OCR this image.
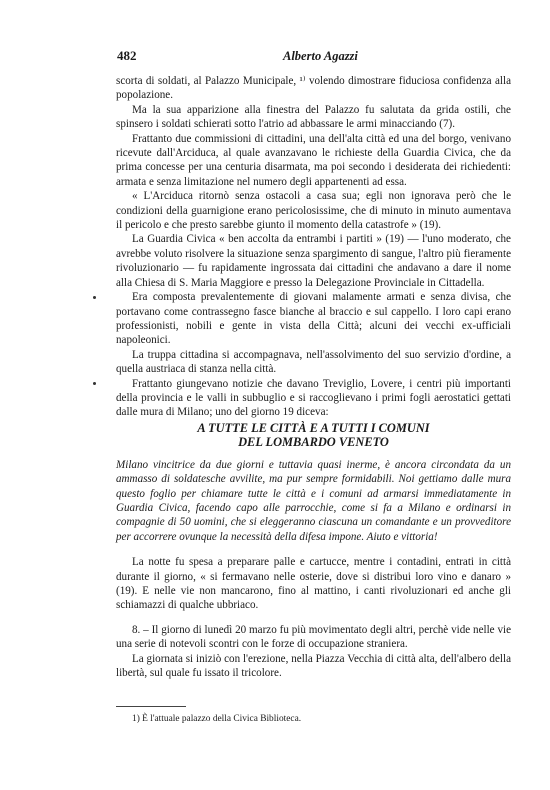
482	Alberto Agazzi

scorta di soldati, al Palazzo Municipale, ¹⁾ volendo dimostrare fiduciosa confidenza alla popolazione.

Ma la sua apparizione alla finestra del Palazzo fu salutata da grida ostili, che spinsero i soldati schierati sotto l'atrio ad abbassare le armi minacciando (7).

Frattanto due commissioni di cittadini, una dell'alta città ed una del borgo, venivano ricevute dall'Arciduca, al quale avanzavano le richieste della Guardia Civica, che da prima concesse per una centuria disarmata, ma poi secondo i desiderata dei richiedenti: armata e senza limitazione nel numero degli appartenenti ad essa.

« L'Arciduca ritornò senza ostacoli a casa sua; egli non ignorava però che le condizioni della guarnigione erano pericolosissime, che di minuto in minuto aumentava il pericolo e che presto sarebbe giunto il momento della catastrofe » (19).

La Guardia Civica « ben accolta da entrambi i partiti » (19) — l'uno moderato, che avrebbe voluto risolvere la situazione senza spargimento di sangue, l'altro più fieramente rivoluzionario — fu rapidamente ingrossata dai cittadini che andavano a dare il nome alla Chiesa di S. Maria Maggiore e presso la Delegazione Provinciale in Cittadella.

Era composta prevalentemente di giovani malamente armati e senza divisa, che portavano come contrassegno fasce bianche al braccio e sul cappello. I loro capi erano professionisti, nobili e gente in vista della Città; alcuni dei vecchi ex-ufficiali napoleonici.

La truppa cittadina si accompagnava, nell'assolvimento del suo servizio d'ordine, a quella austriaca di stanza nella città.

Frattanto giungevano notizie che davano Treviglio, Lovere, i centri più importanti della provincia e le valli in subbuglio e si raccoglievano i primi fogli aerostatici gettati dalle mura di Milano; uno del giorno 19 diceva:

A TUTTE LE CITTÀ E A TUTTI I COMUNI
DEL LOMBARDO VENETO

Milano vincitrice da due giorni e tuttavia quasi inerme, è ancora circondata da un ammasso di soldatesche avvilite, ma pur sempre formidabili. Noi gettiamo dalle mura questo foglio per chiamare tutte le città e i comuni ad armarsi immediatamente in Guardia Civica, facendo capo alle parrocchie, come si fa a Milano e ordinarsi in compagnie di 50 uomini, che si eleggeranno ciascuna un comandante e un provveditore per accorrere ovunque la necessità della difesa impone. Aiuto e vittoria!

La notte fu spesa a preparare palle e cartucce, mentre i contadini, entrati in città durante il giorno, « si fermavano nelle osterie, dove si distribui loro vino e danaro » (19). E nelle vie non mancarono, fino al mattino, i canti rivoluzionari ed anche gli schiamazzi di qualche ubbriaco.

8. – Il giorno di lunedì 20 marzo fu più movimentato degli altri, perchè vide nelle vie una serie di notevoli scontri con le forze di occupazione straniera.

La giornata si iniziò con l'erezione, nella Piazza Vecchia di città alta, dell'albero della libertà, sul quale fu issato il tricolore.

1) È l'attuale palazzo della Civica Biblioteca.
